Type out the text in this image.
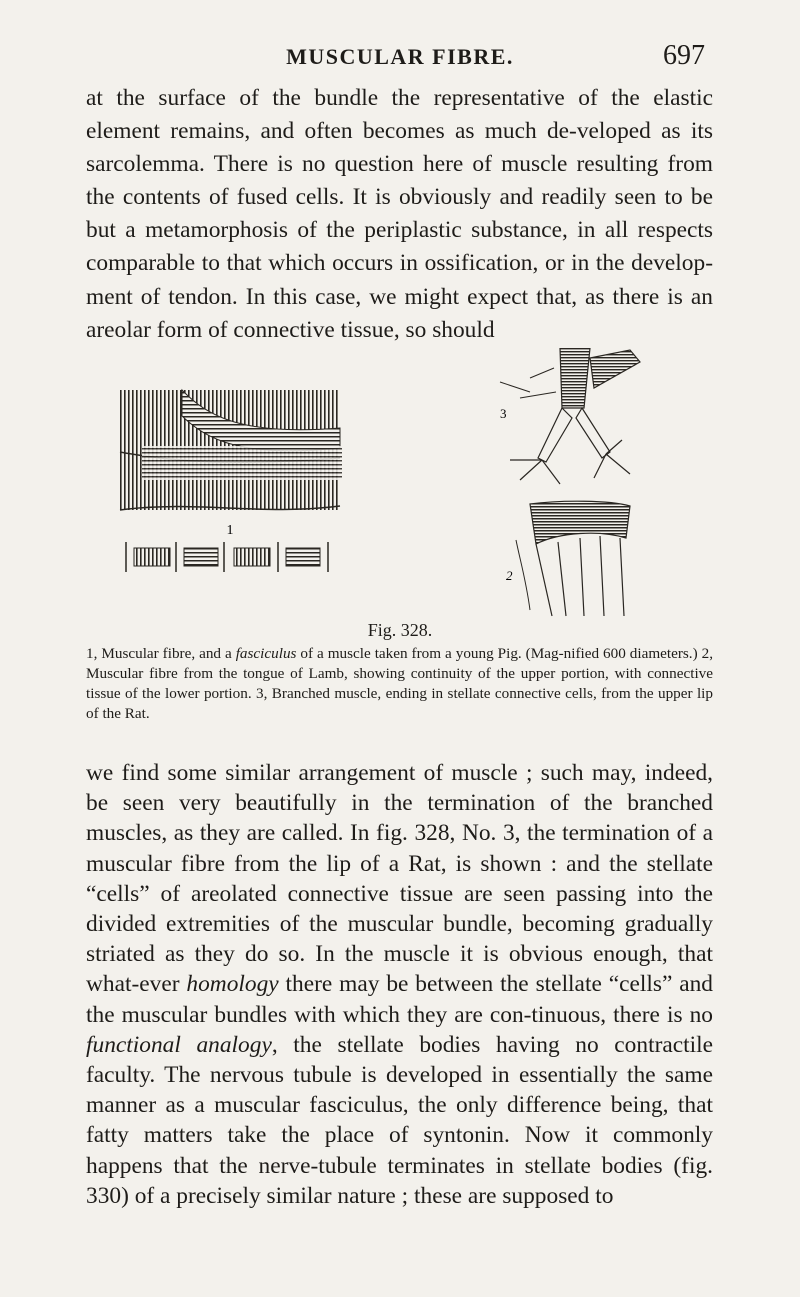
MUSCULAR FIBRE.	697

at the surface of the bundle the representative of the elastic element remains, and often becomes as much de-veloped as its sarcolemma. There is no question here of muscle resulting from the contents of fused cells. It is obviously and readily seen to be but a metamorphosis of the periplastic substance, in all respects comparable to that which occurs in ossification, or in the develop-ment of tendon. In this case, we might expect that, as there is an areolar form of connective tissue, so should

1
3
2
Fig. 328.

1, Muscular fibre, and a fasciculus of a muscle taken from a young Pig. (Mag-nified 600 diameters.) 2, Muscular fibre from the tongue of Lamb, showing continuity of the upper portion, with connective tissue of the lower portion. 3, Branched muscle, ending in stellate connective cells, from the upper lip of the Rat.

we find some similar arrangement of muscle ; such may, indeed, be seen very beautifully in the termination of the branched muscles, as they are called. In fig. 328, No. 3, the termination of a muscular fibre from the lip of a Rat, is shown : and the stellate “cells” of areolated connective tissue are seen passing into the divided extremities of the muscular bundle, becoming gradually striated as they do so. In the muscle it is obvious enough, that what-ever homology there may be between the stellate “cells” and the muscular bundles with which they are con-tinuous, there is no functional analogy, the stellate bodies having no contractile faculty. The nervous tubule is developed in essentially the same manner as a muscular fasciculus, the only difference being, that fatty matters take the place of syntonin. Now it commonly happens that the nerve-tubule terminates in stellate bodies (fig. 330) of a precisely similar nature ; these are supposed to
